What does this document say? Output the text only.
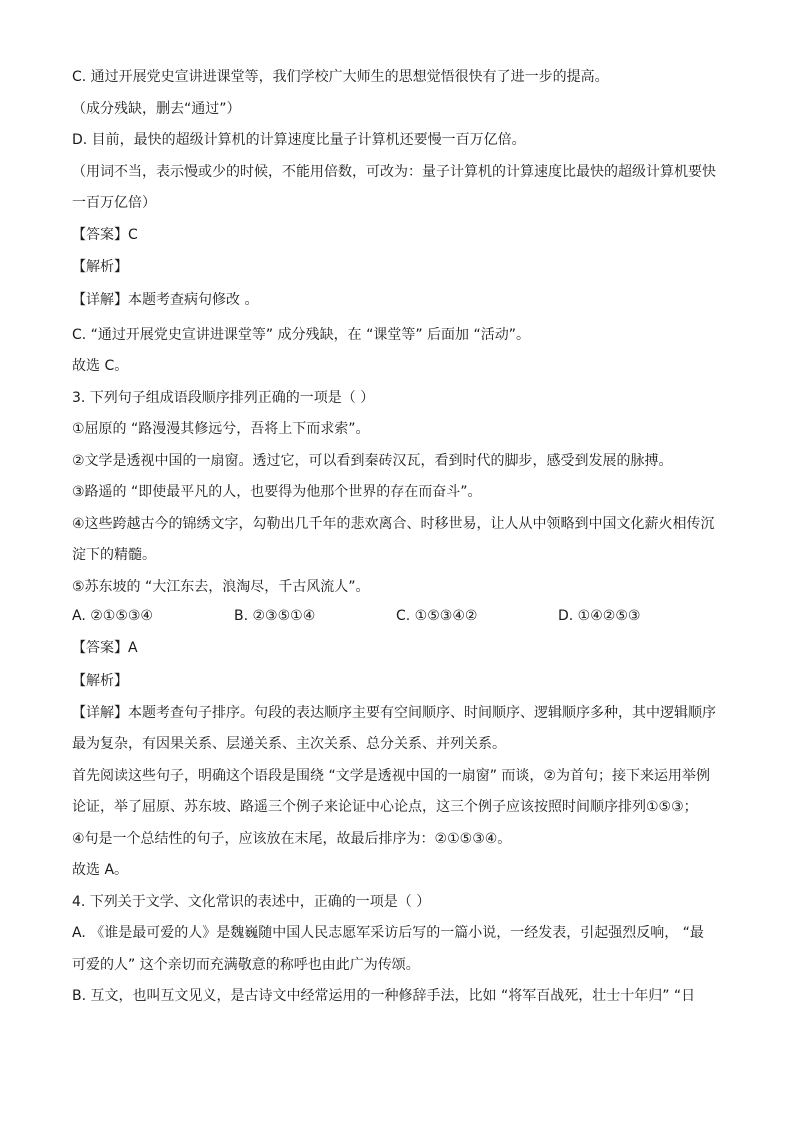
C. 通过开展党史宣讲进课堂等，我们学校广大师生的思想觉悟很快有了进一步的提高。
（成分残缺，删去“通过”）
D. 目前，最快的超级计算机的计算速度比量子计算机还要慢一百万亿倍。
（用词不当，表示慢或少的时候，不能用倍数，可改为：量子计算机的计算速度比最快的超级计算机要快
一百万亿倍）
【答案】C
【解析】
【详解】本题考查病句修改 。
C. “通过开展党史宣讲进课堂等” 成分残缺，在 “课堂等” 后面加 “活动”。
故选 C。
3. 下列句子组成语段顺序排列正确的一项是（ ）
①屈原的 “路漫漫其修远兮，吾将上下而求索”。
②文学是透视中国的一扇窗。透过它，可以看到秦砖汉瓦，看到时代的脚步，感受到发展的脉搏。
③路遥的 “即使最平凡的人，也要得为他那个世界的存在而奋斗”。
④这些跨越古今的锦绣文字，勾勒出几千年的悲欢离合、时移世易，让人从中领略到中国文化薪火相传沉
淀下的精髓。
⑤苏东坡的 “大江东去，浪淘尽，千古风流人”。
A. ②①⑤③④	B. ②③⑤①④	C. ①⑤③④②	D. ①④②⑤③
【答案】A
【解析】
【详解】本题考查句子排序。句段的表达顺序主要有空间顺序、时间顺序、逻辑顺序多种，其中逻辑顺序
最为复杂，有因果关系、层递关系、主次关系、总分关系、并列关系。
首先阅读这些句子，明确这个语段是围绕 “文学是透视中国的一扇窗” 而谈，②为首句；接下来运用举例
论证，举了屈原、苏东坡、路遥三个例子来论证中心论点，这三个例子应该按照时间顺序排列①⑤③；
④句是一个总结性的句子，应该放在末尾，故最后排序为：②①⑤③④。
故选 A。
4. 下列关于文学、文化常识的表述中，正确的一项是（ ）
A. 《谁是最可爱的人》是魏巍随中国人民志愿军采访后写的一篇小说，一经发表，引起强烈反响， “最
可爱的人” 这个亲切而充满敬意的称呼也由此广为传颂。
B. 互文，也叫互文见义，是古诗文中经常运用的一种修辞手法，比如 “将军百战死，壮士十年归” “日
